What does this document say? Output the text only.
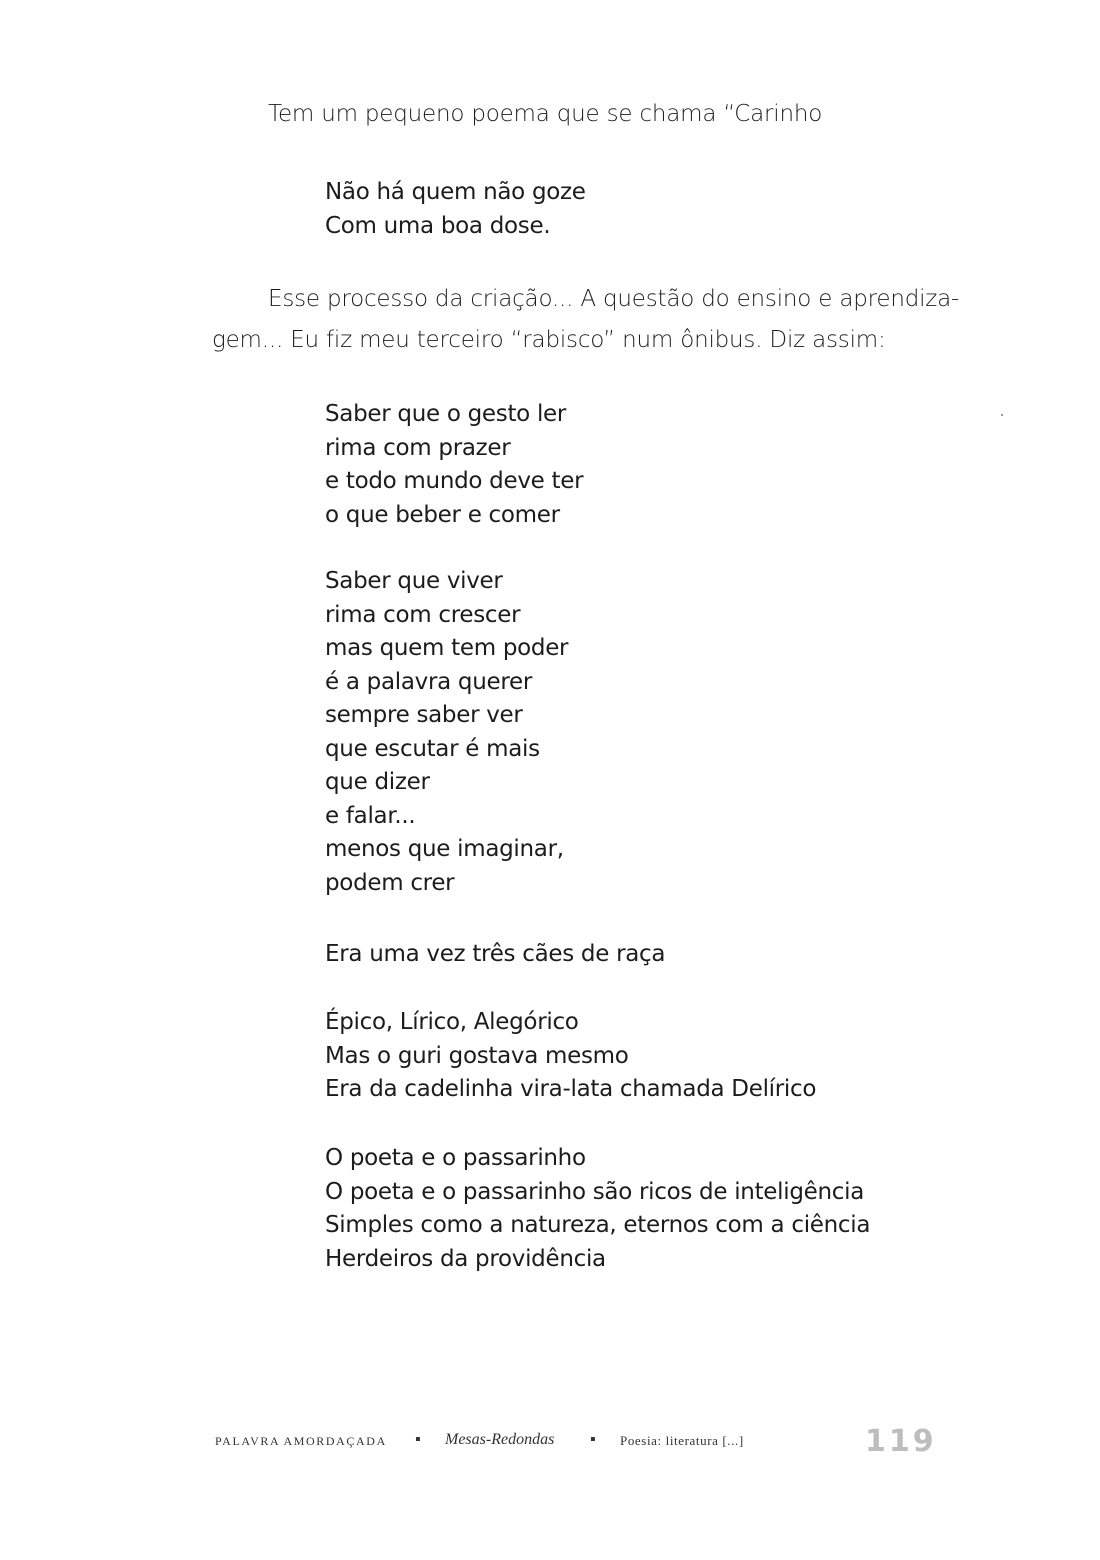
Tem um pequeno poema que se chama “Carinho

Não há quem não goze
Com uma boa dose.
Esse processo da criação... A questão do ensino e aprendiza-
gem... Eu fiz meu terceiro “rabisco” num ônibus. Diz assim:
Saber que o gesto ler
rima com prazer
e todo mundo deve ter
o que beber e comer
Saber que viver
rima com crescer
mas quem tem poder
é a palavra querer
sempre saber ver
que escutar é mais
que dizer
e falar...
menos que imaginar,
podem crer
Era uma vez três cães de raça
Épico, Lírico, Alegórico
Mas o guri gostava mesmo
Era da cadelinha vira-lata chamada Delírico
O poeta e o passarinho
O poeta e o passarinho são ricos de inteligência
Simples como a natureza, eternos com a ciência
Herdeiros da providência
PALAVRA AMORDAÇADA ▪ Mesas-Redondas ▪ Poesia: literatura [...]	119
